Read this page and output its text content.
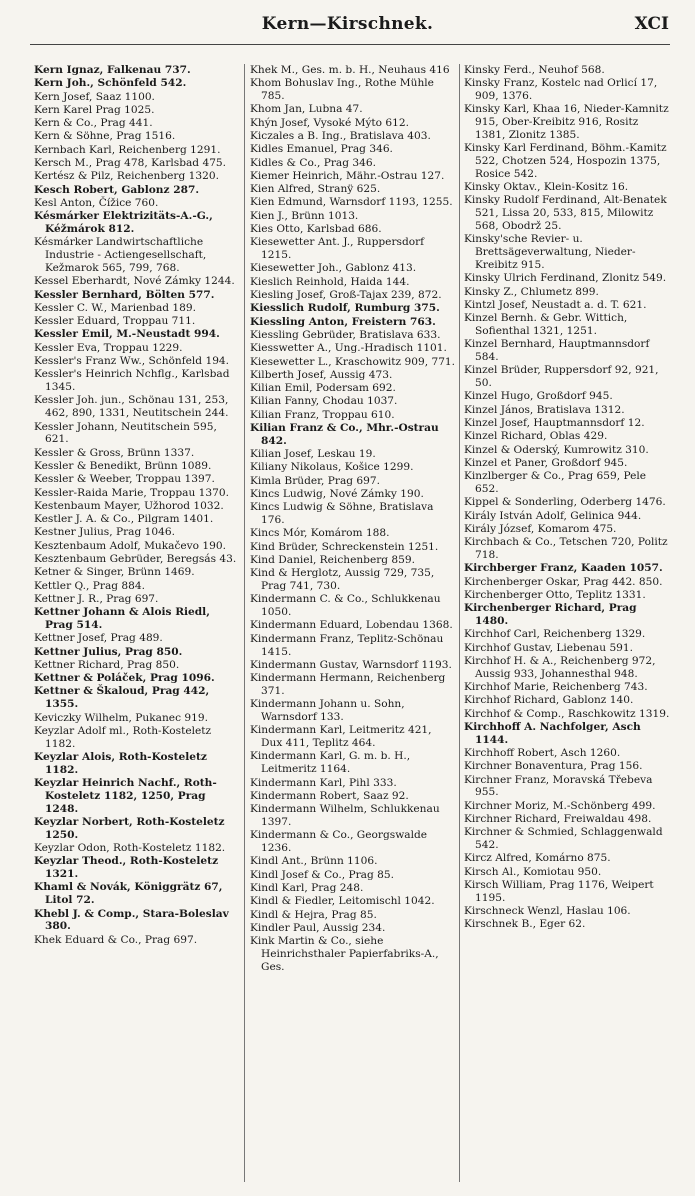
Kern—Kirschnek.	XCI
Kern Ignaz, Falkenau 737.
Kern Joh., Schönfeld 542.
Kern Josef, Saaz 1100.
Kern Karel Prag 1025.
Kern & Co., Prag 441.
Kern & Söhne, Prag 1516.
Kernbach Karl, Reichenberg 1291.
Kersch M., Prag 478, Karlsbad 475.
Kertész & Pilz, Reichenberg 1320.
Kesch Robert, Gablonz 287.
Kesl Anton, Čížice 760.
Késmárker Elektrizitäts-A.-G., Kéžmárok 812.
Késmárker Landwirtschaftliche Industrie - Actiengesellschaft, Kežmarok 565, 799, 768.
Kessel Eberhardt, Nové Zámky 1244.
Kessler Bernhard, Bölten 577.
Kessler C. W., Marienbad 189.
Kessler Eduard, Troppau 711.
Kessler Emil, M.-Neustadt 994.
Kessler Eva, Troppau 1229.
Kessler's Franz Ww., Schönfeld 194.
Kessler's Heinrich Nchflg., Karlsbad 1345.
Kessler Joh. jun., Schönau 131, 253, 462, 890, 1331, Neutitschein 244.
Kessler Johann, Neutitschein 595, 621.
Kessler & Gross, Brünn 1337.
Kessler & Benedikt, Brünn 1089.
Kessler & Weeber, Troppau 1397.
Kessler-Raida Marie, Troppau 1370.
Kestenbaum Mayer, Užhorod 1032.
Kestler J. A. & Co., Pilgram 1401.
Kestner Julius, Prag 1046.
Kesztenbaum Adolf, Mukačevo 190.
Kesztenbaum Gebrüder, Beregsás 43.
Ketner & Singer, Brünn 1469.
Kettler Q., Prag 884.
Kettner J. R., Prag 697.
Kettner Johann & Alois Riedl, Prag 514.
Kettner Josef, Prag 489.
Kettner Julius, Prag 850.
Kettner Richard, Prag 850.
Kettner & Poláček, Prag 1096.
Kettner & Škaloud, Prag 442, 1355.
Keviczky Wilhelm, Pukanec 919.
Keyzlar Adolf ml., Roth-Kosteletz 1182.
Keyzlar Alois, Roth-Kosteletz 1182.
Keyzlar Heinrich Nachf., Roth-Kosteletz 1182, 1250, Prag 1248.
Keyzlar Norbert, Roth-Kosteletz 1250.
Keyzlar Odon, Roth-Kosteletz 1182.
Keyzlar Theod., Roth-Kosteletz 1321.
Khaml & Novák, Königgrätz 67, Litol 72.
Khebl J. & Comp., Stara-Boleslav 380.
Khek Eduard & Co., Prag 697.
Khek M., Ges. m. b. H., Neuhaus 416
Khom Bohuslav Ing., Rothe Mühle 785.
Khom Jan, Lubna 47.
Khýn Josef, Vysoké Mýto 612.
Kiczales a B. Ing., Bratislava 403.
Kidles Emanuel, Prag 346.
Kidles & Co., Prag 346.
Kiemer Heinrich, Mähr.-Ostrau 127.
Kien Alfred, Stranÿ 625.
Kien Edmund, Warnsdorf 1193, 1255.
Kien J., Brünn 1013.
Kies Otto, Karlsbad 686.
Kiesewetter Ant. J., Ruppersdorf 1215.
Kiesewetter Joh., Gablonz 413.
Kieslich Reinhold, Haida 144.
Kiesling Josef, Groß-Tajax 239, 872.
Kiesslich Rudolf, Rumburg 375.
Kiessling Anton, Freistern 763.
Kiessling Gebrüder, Bratislava 633.
Kiesswetter A., Ung.-Hradisch 1101.
Kiesewetter L., Kraschowitz 909, 771.
Kilberth Josef, Aussig 473.
Kilian Emil, Podersam 692.
Kilian Fanny, Chodau 1037.
Kilian Franz, Troppau 610.
Kilian Franz & Co., Mhr.-Ostrau 842.
Kilian Josef, Leskau 19.
Kiliany Nikolaus, Košice 1299.
Kimla Brüder, Prag 697.
Kincs Ludwig, Nové Zámky 190.
Kincs Ludwig & Söhne, Bratislava 176.
Kincs Mór, Komárom 188.
Kind Brüder, Schreckenstein 1251.
Kind Daniel, Reichenberg 859.
Kind & Herglotz, Aussig 729, 735, Prag 741, 730.
Kindermann C. & Co., Schlukkenau 1050.
Kindermann Eduard, Lobendau 1368.
Kindermann Franz, Teplitz-Schönau 1415.
Kindermann Gustav, Warnsdorf 1193.
Kindermann Hermann, Reichenberg 371.
Kindermann Johann u. Sohn, Warnsdorf 133.
Kindermann Karl, Leitmeritz 421, Dux 411, Teplitz 464.
Kindermann Karl, G. m. b. H., Leitmeritz 1164.
Kindermann Karl, Pihl 333.
Kindermann Robert, Saaz 92.
Kindermann Wilhelm, Schlukkenau 1397.
Kindermann & Co., Georgswalde 1236.
Kindl Ant., Brünn 1106.
Kindl Josef & Co., Prag 85.
Kindl Karl, Prag 248.
Kindl & Fiedler, Leitomischl 1042.
Kindl & Hejra, Prag 85.
Kindler Paul, Aussig 234.
Kink Martin & Co., siehe Heinrichsthaler Papierfabriks-A., Ges.
Kinsky Ferd., Neuhof 568.
Kinsky Franz, Kostelc nad Orlicí 17, 909, 1376.
Kinsky Karl, Khaa 16, Nieder-Kamnitz 915, Ober-Kreibitz 916, Rositz 1381, Zlonitz 1385.
Kinsky Karl Ferdinand, Böhm.-Kamitz 522, Chotzen 524, Hospozin 1375, Rosice 542.
Kinsky Oktav., Klein-Kositz 16.
Kinsky Rudolf Ferdinand, Alt-Benatek 521, Lissa 20, 533, 815, Milowitz 568, Obodrž 25.
Kinsky'sche Revier- u. Brettsägeverwaltung, Nieder-Kreibitz 915.
Kinsky Ulrich Ferdinand, Zlonitz 549.
Kinsky Z., Chlumetz 899.
Kintzl Josef, Neustadt a. d. T. 621.
Kinzel Bernh. & Gebr. Wittich, Sofienthal 1321, 1251.
Kinzel Bernhard, Hauptmannsdorf 584.
Kinzel Brüder, Ruppersdorf 92, 921, 50.
Kinzel Hugo, Großdorf 945.
Kinzel János, Bratislava 1312.
Kinzel Josef, Hauptmannsdorf 12.
Kinzel Richard, Oblas 429.
Kinzel & Oderský, Kumrowitz 310.
Kinzel et Paner, Großdorf 945.
Kinzlberger & Co., Prag 659, Pele 652.
Kippel & Sonderling, Oderberg 1476.
Király István Adolf, Gelinica 944.
Király József, Komarom 475.
Kirchbach & Co., Tetschen 720, Politz 718.
Kirchberger Franz, Kaaden 1057.
Kirchenberger Oskar, Prag 442. 850.
Kirchenberger Otto, Teplitz 1331.
Kirchenberger Richard, Prag 1480.
Kirchhof Carl, Reichenberg 1329.
Kirchhof Gustav, Liebenau 591.
Kirchhof H. & A., Reichenberg 972, Aussig 933, Johannesthal 948.
Kirchhof Marie, Reichenberg 743.
Kirchhof Richard, Gablonz 140.
Kirchhof & Comp., Raschkowitz 1319.
Kirchhoff A. Nachfolger, Asch 1144.
Kirchhoff Robert, Asch 1260.
Kirchner Bonaventura, Prag 156.
Kirchner Franz, Moravská Třebeva 955.
Kirchner Moriz, M.-Schönberg 499.
Kirchner Richard, Freiwaldau 498.
Kirchner & Schmied, Schlaggenwald 542.
Kircz Alfred, Komárno 875.
Kirsch Al., Komiotau 950.
Kirsch William, Prag 1176, Weipert 1195.
Kirschneck Wenzl, Haslau 106.
Kirschnek B., Eger 62.
